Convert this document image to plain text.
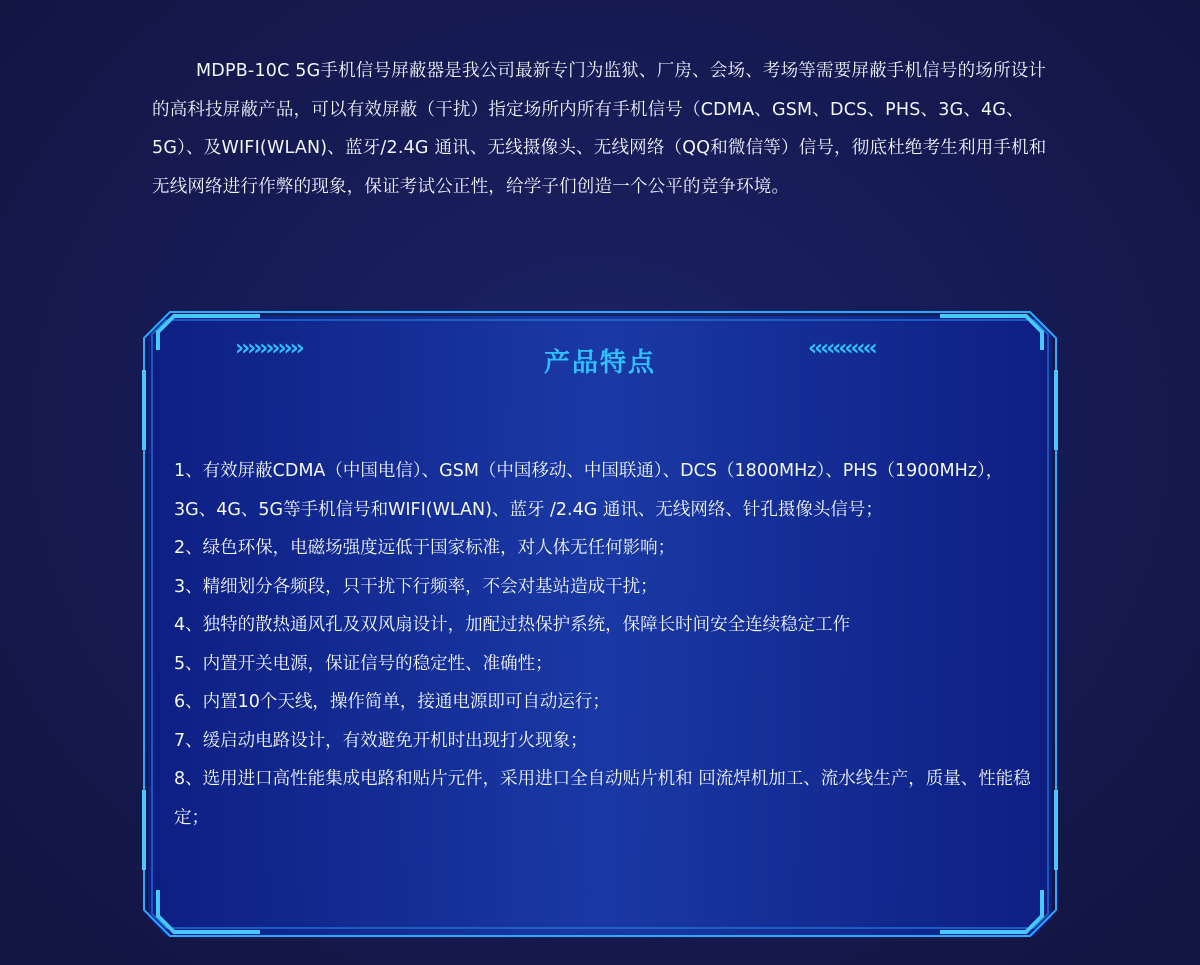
MDPB-10C 5G手机信号屏蔽器是我公司最新专门为监狱、厂房、会场、考场等需要屏蔽手机信号的场所设计的高科技屏蔽产品，可以有效屏蔽（干扰）指定场所内所有手机信号（CDMA、GSM、DCS、PHS、3G、4G、5G）、及WIFI(WLAN)、蓝牙/2.4G 通讯、无线摄像头、无线网络（QQ和微信等）信号，彻底杜绝考生利用手机和无线网络进行作弊的现象，保证考试公正性，给学子们创造一个公平的竞争环境。

›››››››››››	产品特点	‹‹‹‹‹‹‹‹‹‹‹
1、有效屏蔽CDMA（中国电信）、GSM（中国移动、中国联通）、DCS（1800MHz）、PHS（1900MHz），3G、4G、5G等手机信号和WIFI(WLAN)、蓝牙 /2.4G 通讯、无线网络、针孔摄像头信号；
2、绿色环保，电磁场强度远低于国家标准，对人体无任何影响；
3、精细划分各频段，只干扰下行频率，不会对基站造成干扰；
4、独特的散热通风孔及双风扇设计，加配过热保护系统，保障长时间安全连续稳定工作
5、内置开关电源，保证信号的稳定性、准确性；
6、内置10个天线，操作简单，接通电源即可自动运行；
7、缓启动电路设计，有效避免开机时出现打火现象；
8、选用进口高性能集成电路和贴片元件，采用进口全自动贴片机和 回流焊机加工、流水线生产，质量、性能稳定；
